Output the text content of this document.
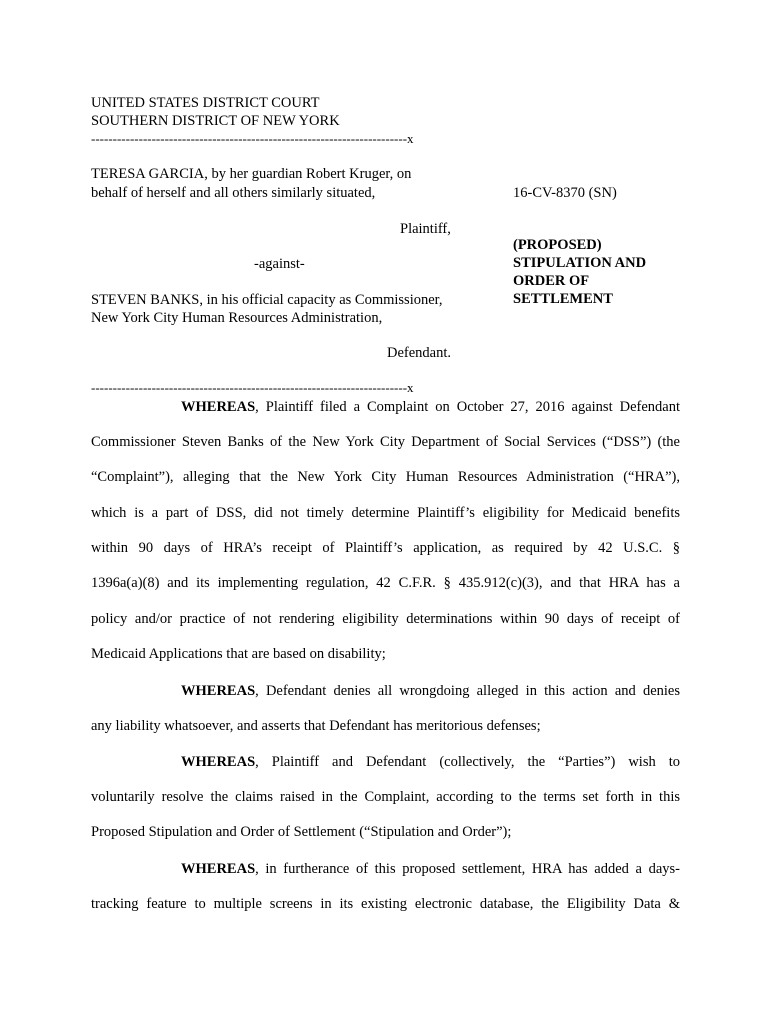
UNITED STATES DISTRICT COURT
SOUTHERN DISTRICT OF NEW YORK
-------------------------------------------------------------------------x
TERESA GARCIA, by her guardian Robert Kruger, on
behalf of herself and all others similarly situated,	16-CV-8370 (SN)
Plaintiff,
-against-
STEVEN BANKS, in his official capacity as Commissioner,
New York City Human Resources Administration,
Defendant.
(PROPOSED)
STIPULATION AND
ORDER OF
SETTLEMENT
-------------------------------------------------------------------------x
WHEREAS, Plaintiff filed a Complaint on October 27, 2016 against Defendant
Commissioner Steven Banks of the New York City Department of Social Services (“DSS”) (the
“Complaint”), alleging that the New York City Human Resources Administration (“HRA”),
which is a part of DSS, did not timely determine Plaintiff’s eligibility for Medicaid benefits
within 90 days of HRA’s receipt of Plaintiff’s application, as required by 42 U.S.C. §
1396a(a)(8) and its implementing regulation, 42 C.F.R. § 435.912(c)(3), and that HRA has a
policy and/or practice of not rendering eligibility determinations within 90 days of receipt of
Medicaid Applications that are based on disability;
WHEREAS, Defendant denies all wrongdoing alleged in this action and denies
any liability whatsoever, and asserts that Defendant has meritorious defenses;
WHEREAS, Plaintiff and Defendant (collectively, the “Parties”) wish to
voluntarily resolve the claims raised in the Complaint, according to the terms set forth in this
Proposed Stipulation and Order of Settlement (“Stipulation and Order”);
WHEREAS, in furtherance of this proposed settlement, HRA has added a days-
tracking feature to multiple screens in its existing electronic database, the Eligibility Data &
